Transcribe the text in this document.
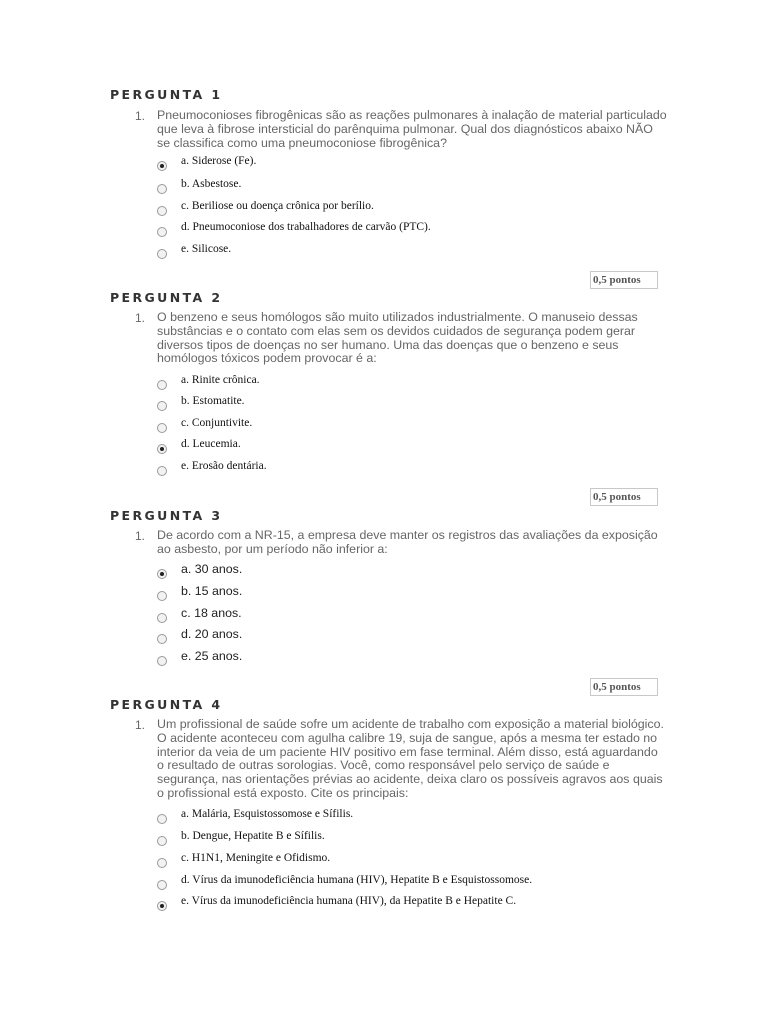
PERGUNTA 1
1. Pneumoconioses fibrogênicas são as reações pulmonares à inalação de material particulado que leva à fibrose intersticial do parênquima pulmonar. Qual dos diagnósticos abaixo NÃO se classifica como uma pneumoconiose fibrogênica?
a. Siderose (Fe).
b. Asbestose.
c. Beriliose ou doença crônica por berílio.
d. Pneumoconiose dos trabalhadores de carvão (PTC).
e. Silicose.
0,5 pontos
PERGUNTA 2
1. O benzeno e seus homólogos são muito utilizados industrialmente. O manuseio dessas substâncias e o contato com elas sem os devidos cuidados de segurança podem gerar diversos tipos de doenças no ser humano. Uma das doenças que o benzeno e seus homólogos tóxicos podem provocar é a:
a. Rinite crônica.
b. Estomatite.
c. Conjuntivite.
d. Leucemia.
e. Erosão dentária.
0,5 pontos
PERGUNTA 3
1. De acordo com a NR-15, a empresa deve manter os registros das avaliações da exposição ao asbesto, por um período não inferior a:
a. 30 anos.
b. 15 anos.
c. 18 anos.
d. 20 anos.
e. 25 anos.
0,5 pontos
PERGUNTA 4
1. Um profissional de saúde sofre um acidente de trabalho com exposição a material biológico. O acidente aconteceu com agulha calibre 19, suja de sangue, após a mesma ter estado no interior da veia de um paciente HIV positivo em fase terminal. Além disso, está aguardando o resultado de outras sorologias. Você, como responsável pelo serviço de saúde e segurança, nas orientações prévias ao acidente, deixa claro os possíveis agravos aos quais o profissional está exposto. Cite os principais:
a. Malária, Esquistossomose e Sífilis.
b. Dengue, Hepatite B e Sífilis.
c. H1N1, Meningite e Ofidismo.
d. Vírus da imunodeficiência humana (HIV), Hepatite B e Esquistossomose.
e. Vírus da imunodeficiência humana (HIV), da Hepatite B e Hepatite C.
